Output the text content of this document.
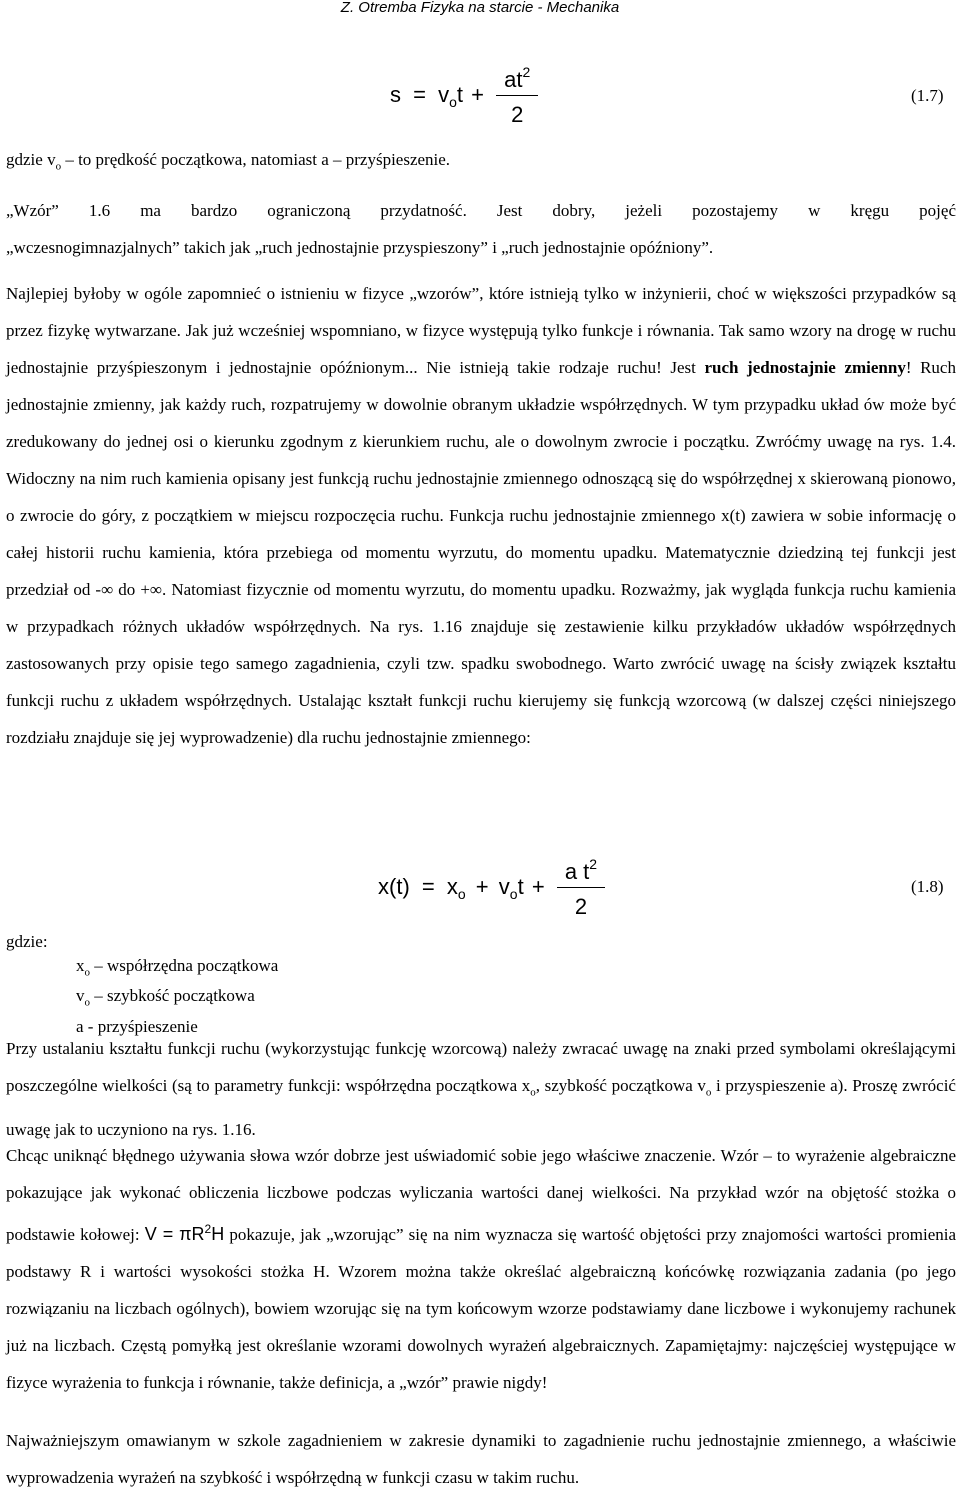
Z. Otremba Fizyka na starcie - Mechanika
$s = v_ot + \frac{at^2}{2}$	(1.7)
gdzie $v_o$ – to prędkość początkowa, natomiast a – przyśpieszenie.
„Wzór” 1.6 ma bardzo ograniczoną przydatność. Jest dobry, jeżeli pozostajemy w kręgu pojęć
„wczesnogimnazjalnych” takich jak „ruch jednostajnie przyspieszony” i „ruch jednostajnie opóźniony”.
Najlepiej byłoby w ogóle zapomnieć o istnieniu w fizyce „wzorów”, które istnieją tylko w inżynierii, choć w większości przypadków są przez fizykę wytwarzane. Jak już wcześniej wspomniano, w fizyce występują tylko funkcje i równania. Tak samo wzory na drogę w ruchu jednostajnie przyśpieszonym i jednostajnie opóźnionym... Nie istnieją takie rodzaje ruchu! Jest ruch jednostajnie zmienny! Ruch jednostajnie zmienny, jak każdy ruch, rozpatrujemy w dowolnie obranym układzie współrzędnych. W tym przypadku układ ów może być zredukowany do jednej osi o kierunku zgodnym z kierunkiem ruchu, ale o dowolnym zwrocie i początku. Zwróćmy uwagę na rys. 1.4. Widoczny na nim ruch kamienia opisany jest funkcją ruchu jednostajnie zmiennego odnoszącą się do współrzędnej x skierowaną pionowo, o zwrocie do góry, z początkiem w miejscu rozpoczęcia ruchu. Funkcja ruchu jednostajnie zmiennego x(t) zawiera w sobie informację o całej historii ruchu kamienia, która przebiega od momentu wyrzutu, do momentu upadku. Matematycznie dziedziną tej funkcji jest przedział od -∞ do +∞. Natomiast fizycznie od momentu wyrzutu, do momentu upadku. Rozważmy, jak wygląda funkcja ruchu kamienia w przypadkach różnych układów współrzędnych. Na rys. 1.16 znajduje się zestawienie kilku przykładów układów współrzędnych zastosowanych przy opisie tego samego zagadnienia, czyli tzw. spadku swobodnego. Warto zwrócić uwagę na ścisły związek kształtu funkcji ruchu z układem współrzędnych. Ustalając kształt funkcji ruchu kierujemy się funkcją wzorcową (w dalszej części niniejszego rozdziału znajduje się jej wyprowadzenie) dla ruchu jednostajnie zmiennego:
$x(t) = x_o + v_ot + \frac{a t^2}{2}$	(1.8)
gdzie:
$x_o$ – współrzędna początkowa
$v_o$ – szybkość początkowa
a - przyśpieszenie
Przy ustalaniu kształtu funkcji ruchu (wykorzystując funkcję wzorcową) należy zwracać uwagę na znaki przed symbolami określającymi poszczególne wielkości (są to parametry funkcji: współrzędna początkowa $x_o$, szybkość początkowa $v_o$ i przyspieszenie a). Proszę zwrócić uwagę jak to uczyniono na rys. 1.16.
Chcąc uniknąć błędnego używania słowa wzór dobrze jest uświadomić sobie jego właściwe znaczenie. Wzór – to wyrażenie algebraiczne pokazujące jak wykonać obliczenia liczbowe podczas wyliczania wartości danej wielkości. Na przykład wzór na objętość stożka o podstawie kołowej: $V = \pi R^2H$ pokazuje, jak „wzorując” się na nim wyznacza się wartość objętości przy znajomości wartości promienia podstawy R i wartości wysokości stożka H. Wzorem można także określać algebraiczną końcówkę rozwiązania zadania (po jego rozwiązaniu na liczbach ogólnych), bowiem wzorując się na tym końcowym wzorze podstawiamy dane liczbowe i wykonujemy rachunek już na liczbach. Częstą pomyłką jest określanie wzorami dowolnych wyrażeń algebraicznych. Zapamiętajmy: najczęściej występujące w fizyce wyrażenia to funkcja i równanie, także definicja, a „wzór” prawie nigdy!
Najważniejszym omawianym w szkole zagadnieniem w zakresie dynamiki to zagadnienie ruchu jednostajnie zmiennego, a właściwie wyprowadzenia wyrażeń na szybkość i współrzędną w funkcji czasu w takim ruchu.
